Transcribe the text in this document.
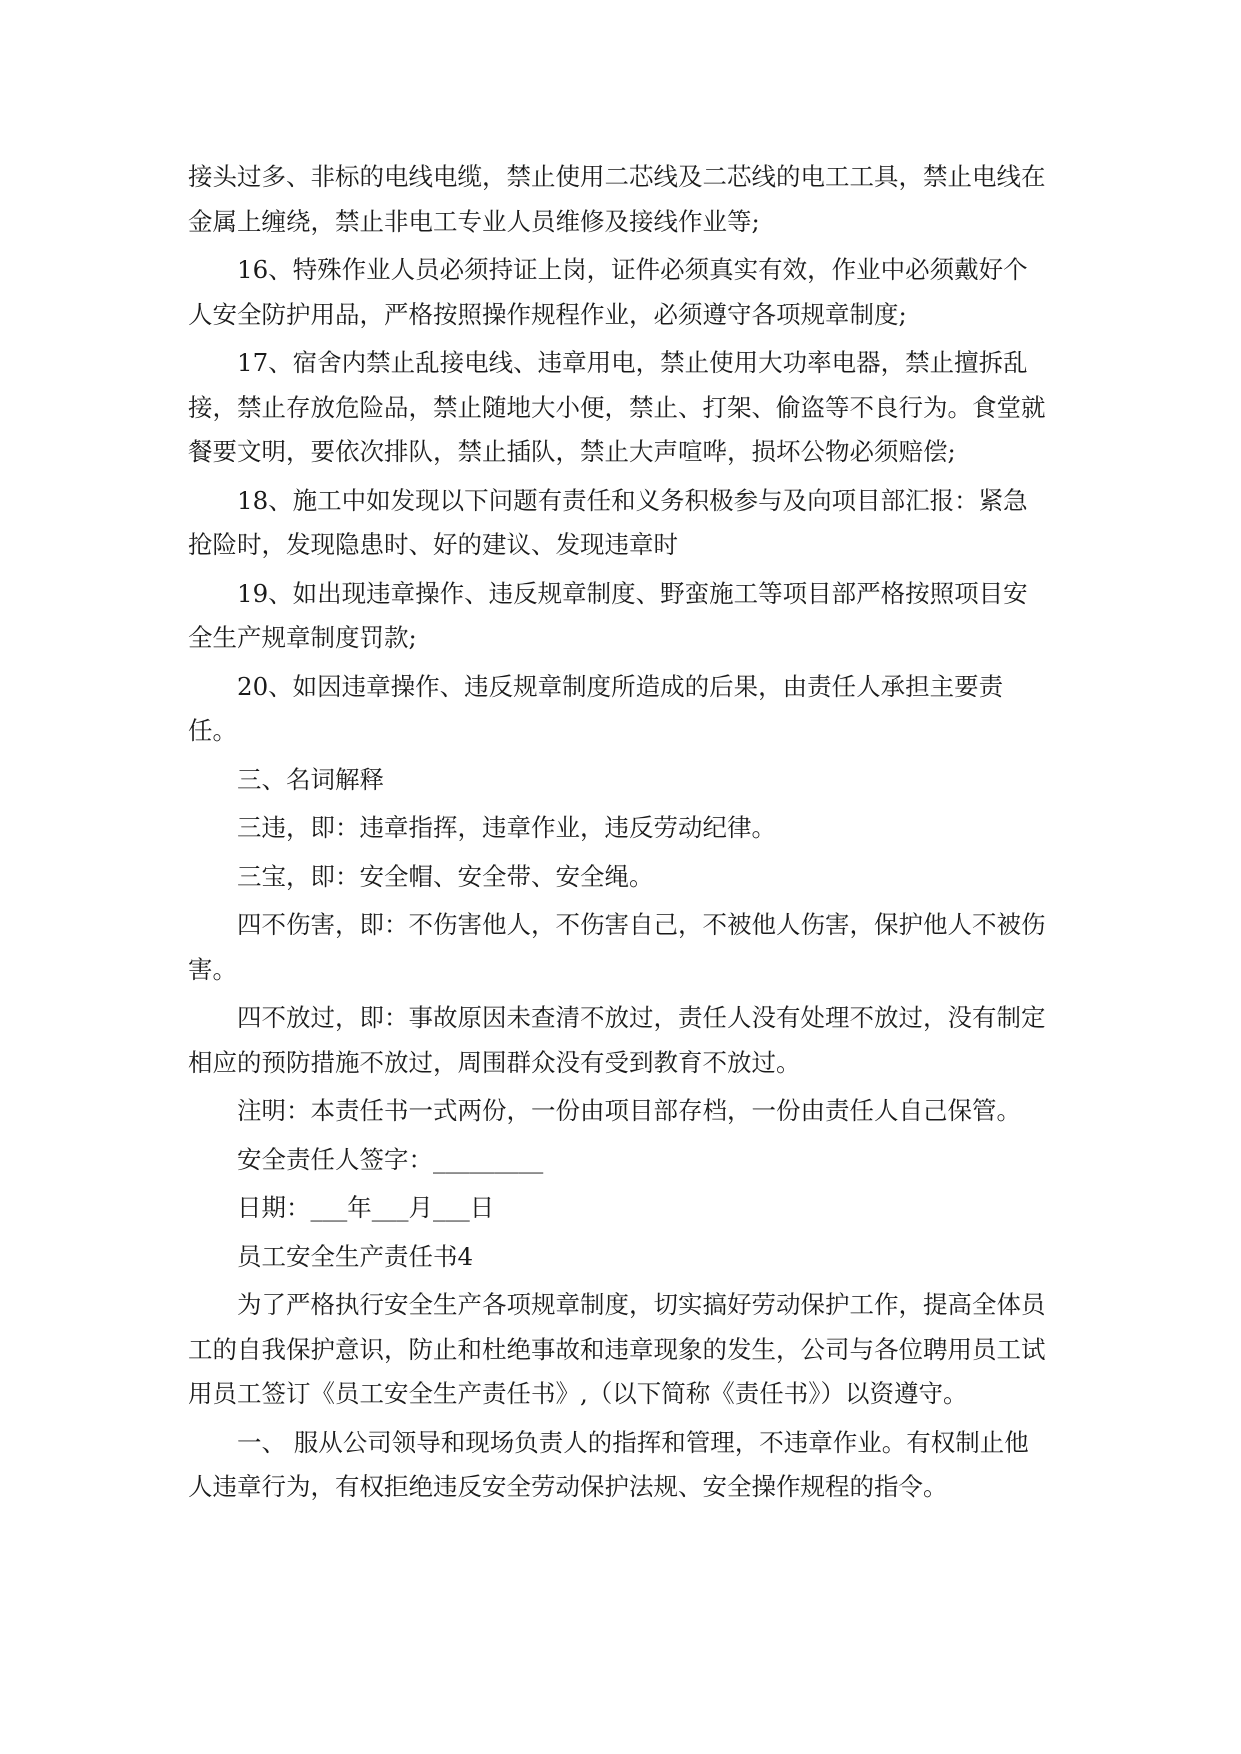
接头过多、非标的电线电缆，禁止使用二芯线及二芯线的电工工具，禁止电线在金属上缠绕，禁止非电工专业人员维修及接线作业等;

16、特殊作业人员必须持证上岗，证件必须真实有效，作业中必须戴好个人安全防护用品，严格按照操作规程作业，必须遵守各项规章制度;

17、宿舍内禁止乱接电线、违章用电，禁止使用大功率电器，禁止擅拆乱接，禁止存放危险品，禁止随地大小便，禁止、打架、偷盗等不良行为。食堂就餐要文明，要依次排队，禁止插队，禁止大声喧哗，损坏公物必须赔偿;

18、施工中如发现以下问题有责任和义务积极参与及向项目部汇报：紧急抢险时，发现隐患时、好的建议、发现违章时

19、如出现违章操作、违反规章制度、野蛮施工等项目部严格按照项目安全生产规章制度罚款;

20、如因违章操作、违反规章制度所造成的后果，由责任人承担主要责任。

三、名词解释

三违，即：违章指挥，违章作业，违反劳动纪律。

三宝，即：安全帽、安全带、安全绳。

四不伤害，即：不伤害他人，不伤害自己，不被他人伤害，保护他人不被伤害。

四不放过，即：事故原因未查清不放过，责任人没有处理不放过，没有制定相应的预防措施不放过，周围群众没有受到教育不放过。

注明：本责任书一式两份，一份由项目部存档，一份由责任人自己保管。

安全责任人签字：_________

日期：___年___月___日

员工安全生产责任书4

为了严格执行安全生产各项规章制度，切实搞好劳动保护工作，提高全体员工的自我保护意识，防止和杜绝事故和违章现象的发生，公司与各位聘用员工试用员工签订《员工安全生产责任书》,（以下简称《责任书》）以资遵守。

一、 服从公司领导和现场负责人的指挥和管理，不违章作业。有权制止他人违章行为，有权拒绝违反安全劳动保护法规、安全操作规程的指令。
